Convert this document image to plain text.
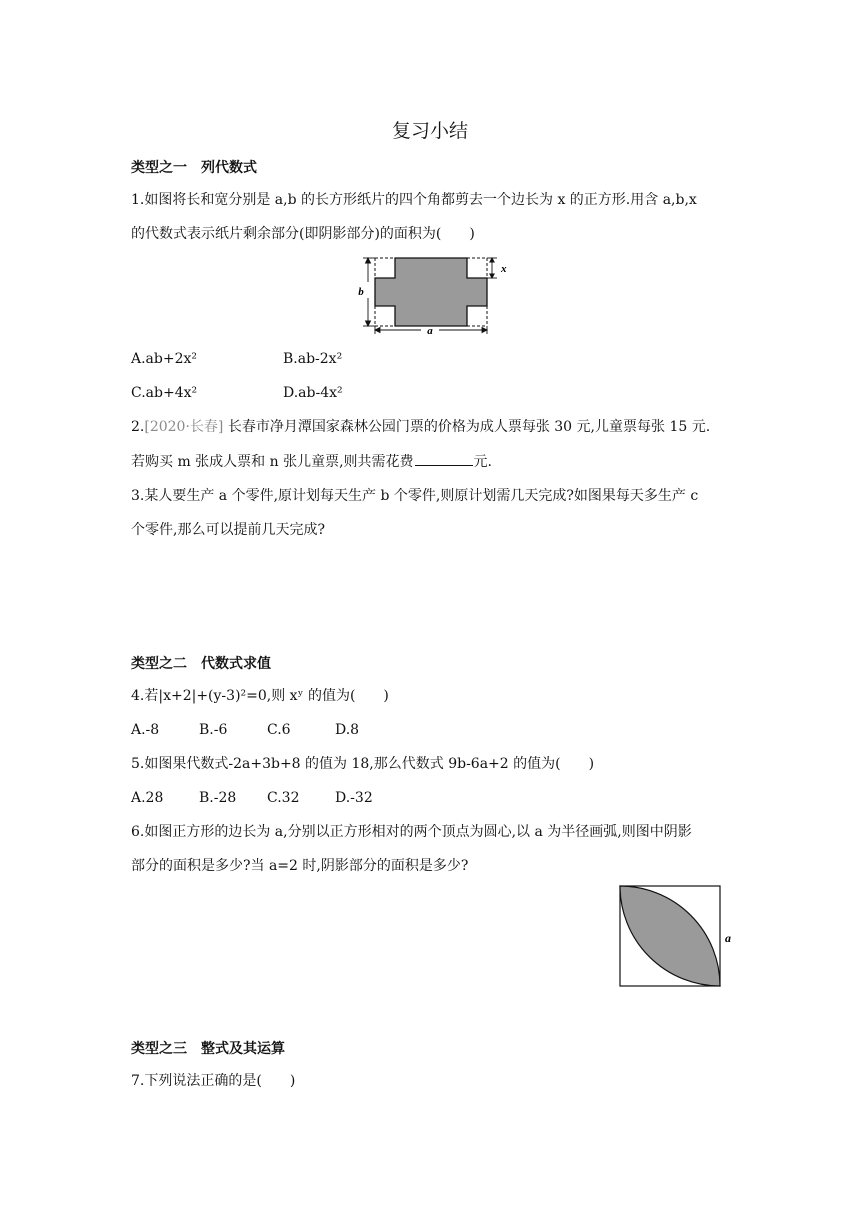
复习小结
类型之一　列代数式
1.如图将长和宽分别是 a,b 的长方形纸片的四个角都剪去一个边长为 x 的正方形.用含 a,b,x
的代数式表示纸片剩余部分(即阴影部分)的面积为(　　)
b
a
x
A.ab+2x²	B.ab-2x²
C.ab+4x²	D.ab-4x²
2.[2020·长春] 长春市净月潭国家森林公园门票的价格为成人票每张 30 元,儿童票每张 15 元.
若购买 m 张成人票和 n 张儿童票,则共需花费	元.
3.某人要生产 a 个零件,原计划每天生产 b 个零件,则原计划需几天完成?如图果每天多生产 c
个零件,那么可以提前几天完成?
类型之二　代数式求值
4.若|x+2|+(y-3)²=0,则 xʸ 的值为(　　)
A.-8	B.-6	C.6	D.8
5.如图果代数式-2a+3b+8 的值为 18,那么代数式 9b-6a+2 的值为(　　)
A.28	B.-28 C.32	D.-32
6.如图正方形的边长为 a,分别以正方形相对的两个顶点为圆心,以 a 为半径画弧,则图中阴影
部分的面积是多少?当 a=2 时,阴影部分的面积是多少?
a
类型之三　整式及其运算
7.下列说法正确的是(　　)
